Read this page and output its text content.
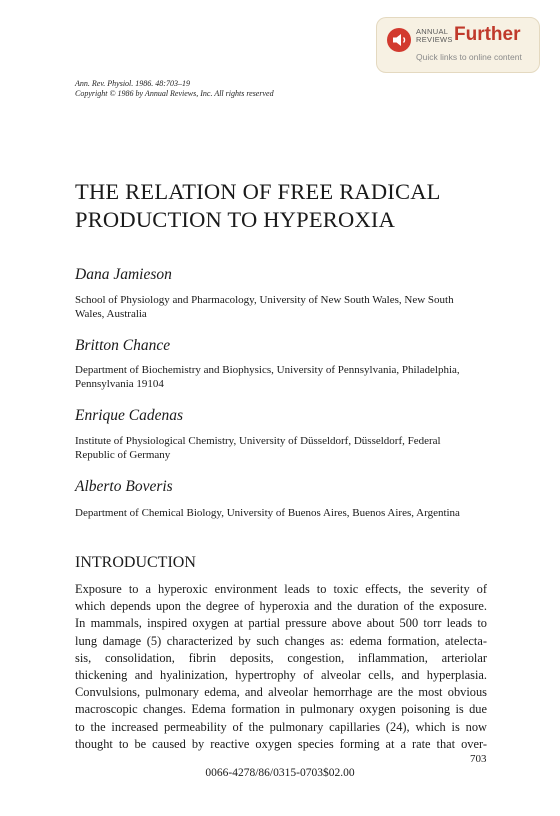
ANNUAL
REVIEWS Further
Quick links to online content
Ann. Rev. Physiol. 1986. 48:703–19
Copyright © 1986 by Annual Reviews, Inc. All rights reserved
THE RELATION OF FREE RADICAL
PRODUCTION TO HYPEROXIA
Dana Jamieson
School of Physiology and Pharmacology, University of New South Wales, New South
Wales, Australia
Britton Chance
Department of Biochemistry and Biophysics, University of Pennsylvania, Philadelphia,
Pennsylvania 19104
Enrique Cadenas
Institute of Physiological Chemistry, University of Düsseldorf, Düsseldorf, Federal
Republic of Germany
Alberto Boveris
Department of Chemical Biology, University of Buenos Aires, Buenos Aires, Argentina
INTRODUCTION
Exposure to a hyperoxic environment leads to toxic effects, the severity of
which depends upon the degree of hyperoxia and the duration of the exposure.
In mammals, inspired oxygen at partial pressure above about 500 torr leads to
lung damage (5) characterized by such changes as: edema formation, atelecta-
sis, consolidation, fibrin deposits, congestion, inflammation, arteriolar
thickening and hyalinization, hypertrophy of alveolar cells, and hyperplasia.
Convulsions, pulmonary edema, and alveolar hemorrhage are the most obvious
macroscopic changes. Edema formation in pulmonary oxygen poisoning is due
to the increased permeability of the pulmonary capillaries (24), which is now
thought to be caused by reactive oxygen species forming at a rate that over-
703
0066-4278/86/0315-0703$02.00
